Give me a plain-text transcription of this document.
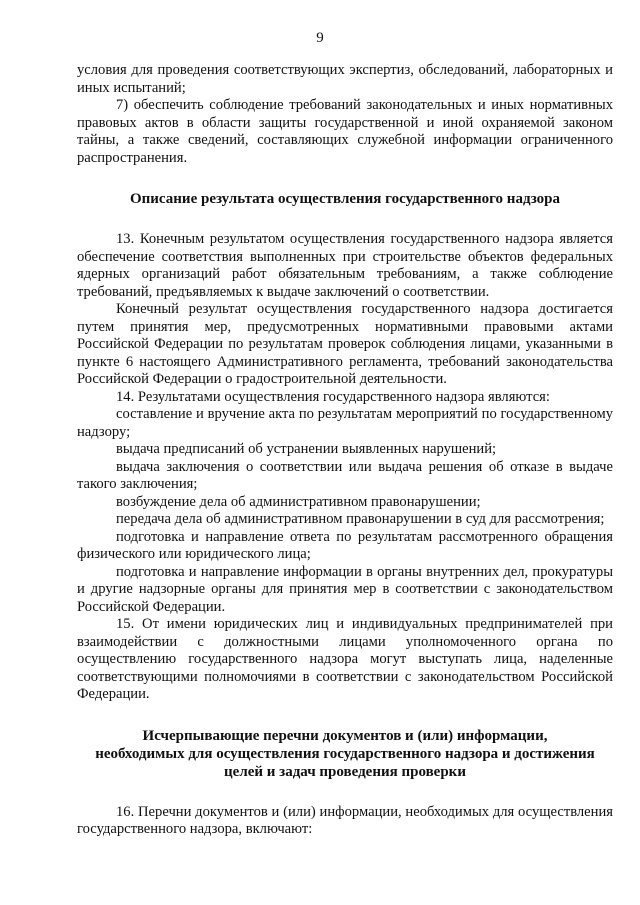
9

условия для проведения соответствующих экспертиз, обследований, лабораторных и иных испытаний;

7) обеспечить соблюдение требований законодательных и иных нормативных правовых актов в области защиты государственной и иной охраняемой законом тайны, а также сведений, составляющих служебной информации ограниченного распространения.

Описание результата осуществления государственного надзора

13. Конечным результатом осуществления государственного надзора является обеспечение соответствия выполненных при строительстве объектов федеральных ядерных организаций работ обязательным требованиям, а также соблюдение требований, предъявляемых к выдаче заключений о соответствии.

Конечный результат осуществления государственного надзора достигается путем принятия мер, предусмотренных нормативными правовыми актами Российской Федерации по результатам проверок соблюдения лицами, указанными в пункте 6 настоящего Административного регламента, требований законодательства Российской Федерации о градостроительной деятельности.

14. Результатами осуществления государственного надзора являются:

составление и вручение акта по результатам мероприятий по государственному надзору;

выдача предписаний об устранении выявленных нарушений;

выдача заключения о соответствии или выдача решения об отказе в выдаче такого заключения;

возбуждение дела об административном правонарушении;

передача дела об административном правонарушении в суд для рассмотрения;

подготовка и направление ответа по результатам рассмотренного обращения физического или юридического лица;

подготовка и направление информации в органы внутренних дел, прокуратуры и другие надзорные органы для принятия мер в соответствии с законодательством Российской Федерации.

15. От имени юридических лиц и индивидуальных предпринимателей при взаимодействии с должностными лицами уполномоченного органа по осуществлению государственного надзора могут выступать лица, наделенные соответствующими полномочиями в соответствии с законодательством Российской Федерации.

Исчерпывающие перечни документов и (или) информации,
необходимых для осуществления государственного надзора и достижения
целей и задач проведения проверки

16. Перечни документов и (или) информации, необходимых для осуществления государственного надзора, включают:
